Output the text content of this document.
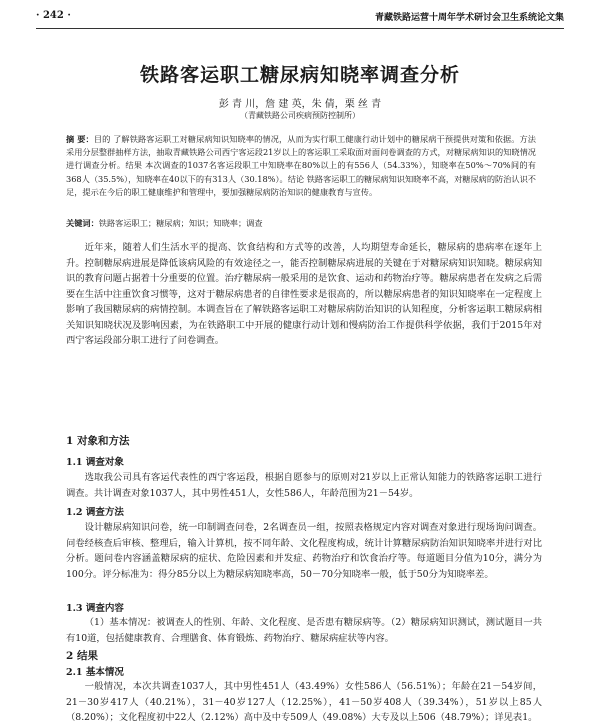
· 242 ·	青藏铁路运营十周年学术研讨会卫生系统论文集
铁路客运职工糖尿病知晓率调查分析
彭 青 川，詹 建 英，朱 倩，栗 丝 青
（青藏铁路公司疾病预防控制所）
摘 要：目的 了解铁路客运职工对糖尿病知识知晓率的情况，从而为实行职工健康行动计划中的糖尿病干预提供对策和依据。方法 采用分层整群抽样方法，抽取青藏铁路公司西宁客运段21岁以上的客运职工采取面对面问卷调查的方式，对糖尿病知识的知晓情况进行调查分析。结果 本次调查的1037名客运段职工中知晓率在80%以上的有556人（54.33%），知晓率在50%～70%间的有368人（35.5%），知晓率在40以下的有313人（30.18%）。结论 铁路客运职工的糖尿病知识知晓率不高，对糖尿病的防治认识不足，提示在今后的职工健康维护和管理中，要加强糖尿病防治知识的健康教育与宣传。
关键词：铁路客运职工；糖尿病；知识；知晓率；调查

近年来，随着人们生活水平的提高、饮食结构和方式等的改善，人均期望寿命延长，糖尿病的患病率在逐年上升。控制糖尿病进展是降低该病风险的有效途径之一，能否控制糖尿病进展的关键在于对糖尿病知识知晓。糖尿病知识的教育问题占据着十分重要的位置。治疗糖尿病一般采用的是饮食、运动和药物治疗等。糖尿病患者在发病之后需要在生活中注重饮食习惯等，这对于糖尿病患者的自律性要求是很高的，所以糖尿病患者的知识知晓率在一定程度上影响了我国糖尿病的病情控制。本调查旨在了解铁路客运职工对糖尿病防治知识的认知程度，分析客运职工糖尿病相关知识知晓状况及影响因素，为在铁路职工中开展的健康行动计划和慢病防治工作提供科学依据，我们于2015年对西宁客运段部分职工进行了问卷调查。

1 对象和方法
1.1 调查对象

选取我公司具有客运代表性的西宁客运段，根据自愿参与的原则对21岁以上正常认知能力的铁路客运职工进行调查。共计调查对象1037人，其中男性451人，女性586人，年龄范围为21－54岁。

1.2 调查方法

设计糖尿病知识问卷，统一印制调查问卷，2名调查员一组，按照表格规定内容对调查对象进行现场询问调查。问卷经核查后审核、整理后，输入计算机，按不同年龄、文化程度构成，统计计算糖尿病防治知识知晓率并进行对比分析。题问卷内容涵盖糖尿病的症状、危险因素和并发症、药物治疗和饮食治疗等。每道题目分值为10分，满分为100分。评分标准为：得分85分以上为糖尿病知晓率高，50－70分知晓率一般，低于50分为知晓率差。

1.3 调查内容

（1）基本情况：被调查人的性别、年龄、文化程度、是否患有糖尿病等。（2）糖尿病知识测试，测试题目一共有10道，包括健康教育、合理膳食、体育锻炼、药物治疗、糖尿病症状等内容。

2 结果
2.1 基本情况

一般情况，本次共调查1037人，其中男性451人（43.49%）女性586人（56.51%）；年龄在21－54岁间，21－30岁417人（40.21%），31－40岁127人（12.25%），41－50岁408人（39.34%），51岁以上85人（8.20%）；文化程度初中22人（2.12%）高中及中专509人（49.08%）大专及以上506（48.79%）；详见表1。
